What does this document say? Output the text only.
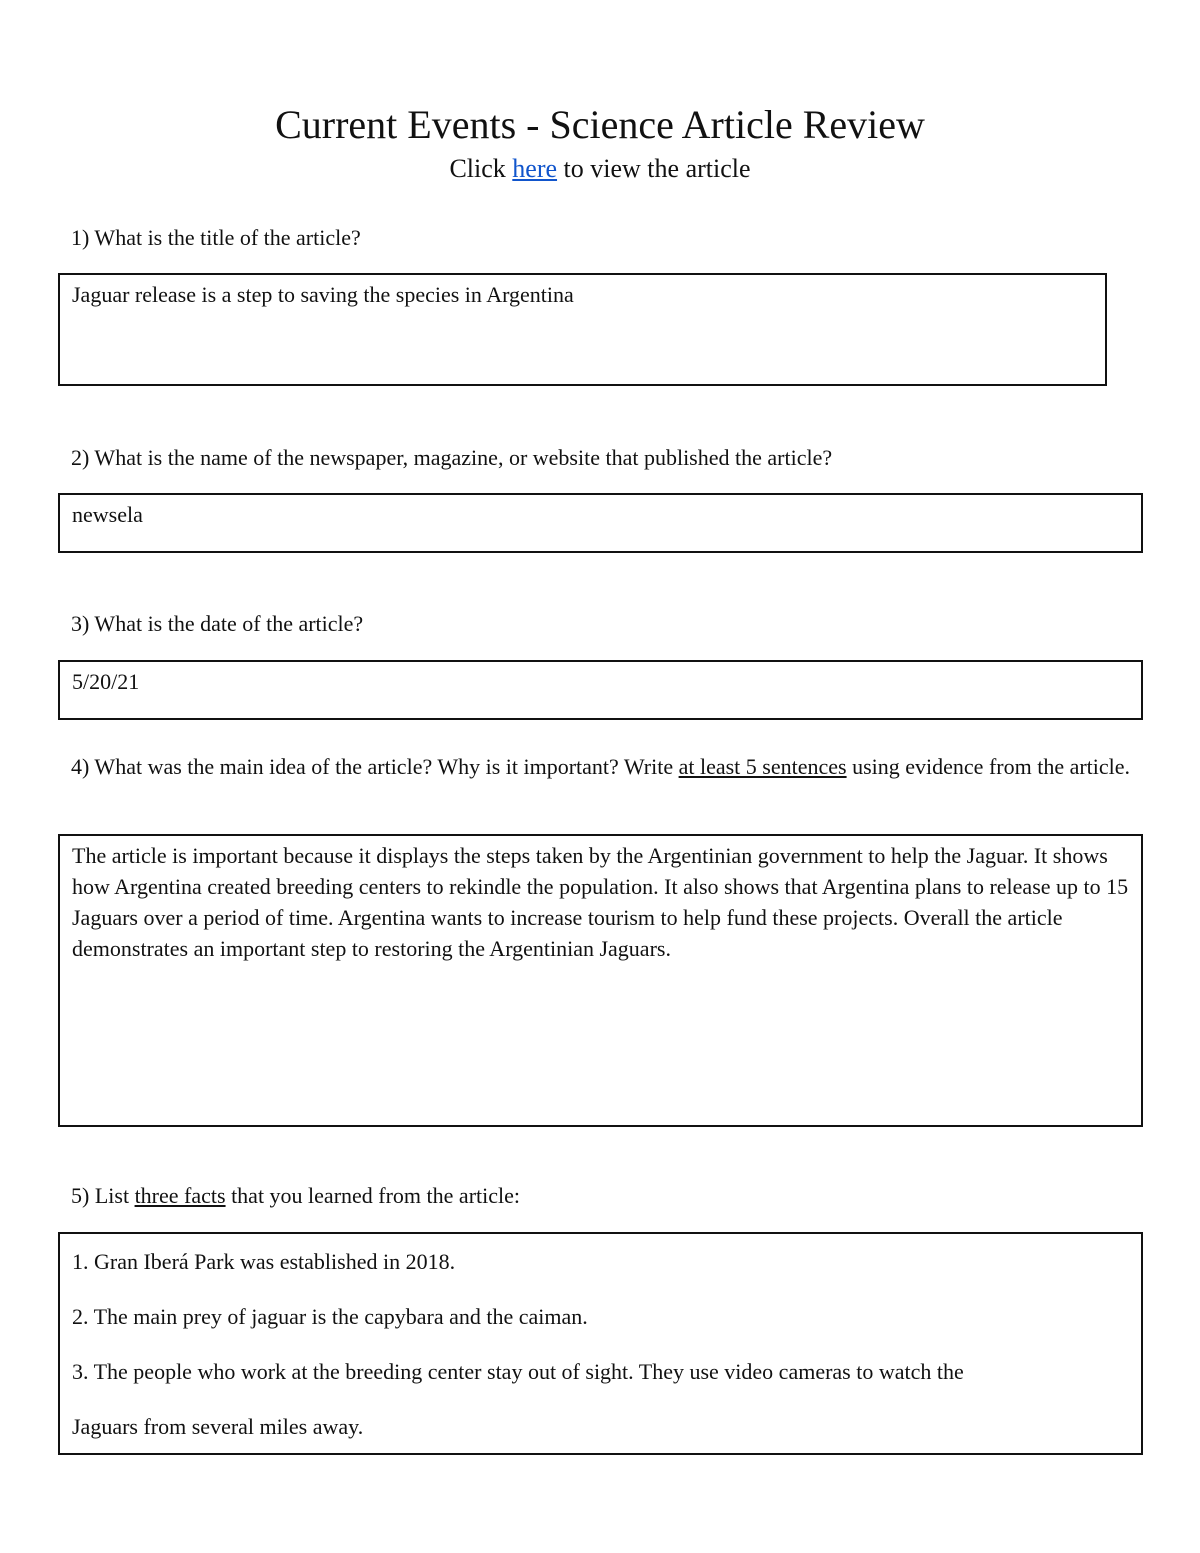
Current Events - Science Article Review
Click here to view the article
1) What is the title of the article?
Jaguar release is a step to saving the species in Argentina
2) What is the name of the newspaper, magazine, or website that published the article?
newsela
3) What is the date of the article?
5/20/21
4) What was the main idea of the article? Why is it important? Write at least 5 sentences using evidence from the article.
The article is important because it displays the steps taken by the Argentinian government to help the Jaguar. It shows how Argentina created breeding centers to rekindle the population. It also shows that Argentina plans to release up to 15 Jaguars over a period of time. Argentina wants to increase tourism to help fund these projects. Overall the article demonstrates an important step to restoring the Argentinian Jaguars.
5) List three facts that you learned from the article:

1. Gran Iberá Park was established in 2018.

2. The main prey of jaguar is the capybara and the caiman.

3. The people who work at the breeding center stay out of sight. They use video cameras to watch the

Jaguars from several miles away.
